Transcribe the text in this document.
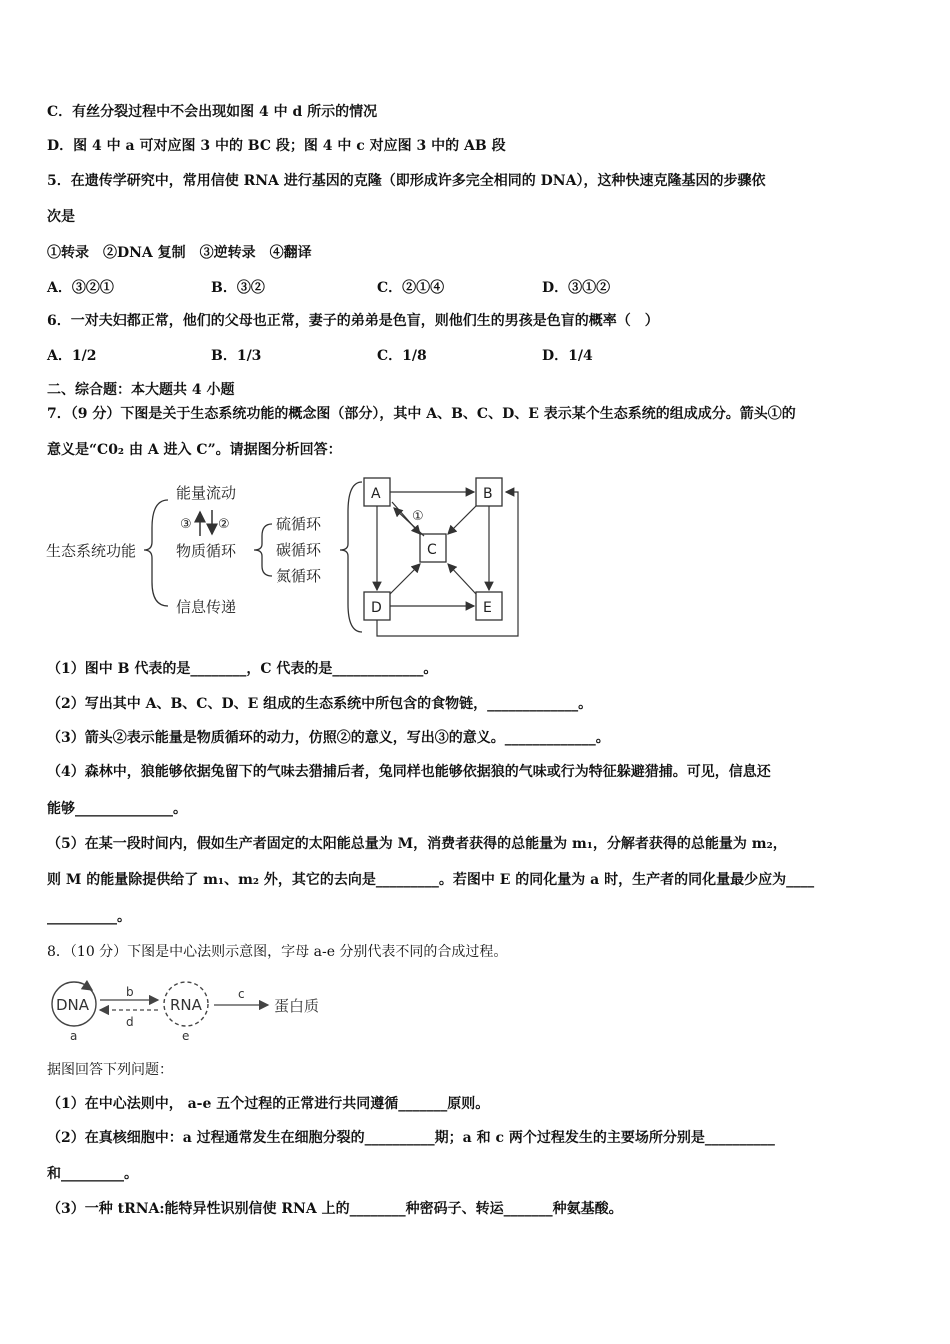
C．有丝分裂过程中不会出现如图 4 中 d 所示的情况
D．图 4 中 a 可对应图 3 中的 BC 段；图 4 中 c 对应图 3 中的 AB 段
5．在遗传学研究中，常用信使 RNA 进行基因的克隆（即形成许多完全相同的 DNA），这种快速克隆基因的步骤依
次是
①转录　②DNA 复制　③逆转录　④翻译
A．③②①	B．③②	C．②①④	D．③①②
6．一对夫妇都正常，他们的父母也正常，妻子的弟弟是色盲，则他们生的男孩是色盲的概率（　）
A．1/2	B．1/3	C．1/8	D．1/4
二、综合题：本大题共 4 小题
7．（9 分）下图是关于生态系统功能的概念图（部分），其中 A、B、C、D、E 表示某个生态系统的组成成分。箭头①的
意义是“C0₂ 由 A 进入 C”。请据图分析回答：
生态系统功能
能量流动
物质循环
信息传递
③ ②	硫循环
碳循环
氮循环
A	B
C
D	E
①
（1）图中 B 代表的是________，C 代表的是_____________。
（2）写出其中 A、B、C、D、E 组成的生态系统中所包含的食物链，_____________。
（3）箭头②表示能量是物质循环的动力，仿照②的意义，写出③的意义。_____________。
（4）森林中，狼能够依据兔留下的气味去猎捕后者，兔同样也能够依据狼的气味或行为特征躲避猎捕。可见，信息还
能够______________。
（5）在某一段时间内，假如生产者固定的太阳能总量为 M，消费者获得的总能量为 m₁，分解者获得的总能量为 m₂，
则 M 的能量除提供给了 m₁、m₂ 外，其它的去向是_________。若图中 E 的同化量为 a 时，生产者的同化量最少应为____
__________。
8．（10 分）下图是中心法则示意图，字母 a-e 分别代表不同的合成过程。
DNA
a
RNA
e
b
d
c
蛋白质
据图回答下列问题：
（1）在中心法则中， a-e 五个过程的正常进行共同遵循_______原则。
（2）在真核细胞中：a 过程通常发生在细胞分裂的__________期；a 和 c 两个过程发生的主要场所分别是__________
和_________。
（3）一种 tRNA:能特异性识别信使 RNA 上的________种密码子、转运_______种氨基酸。
